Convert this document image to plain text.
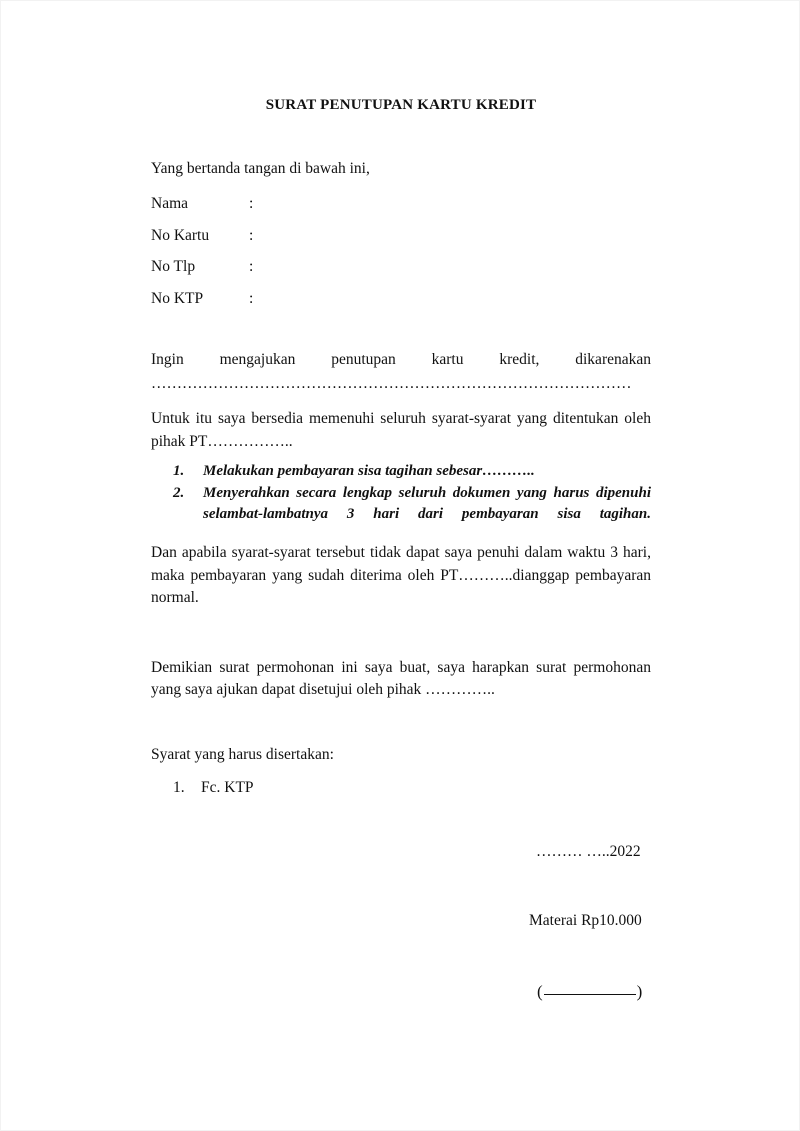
SURAT PENUTUPAN KARTU KREDIT

Yang bertanda tangan di bawah ini,

Nama	:
No Kartu	:
No Tlp	:
No KTP	:

Ingin mengajukan penutupan kartu kredit, dikarenakan

…………………………………………………………………………………

Untuk itu saya bersedia memenuhi seluruh syarat-syarat yang ditentukan oleh pihak PT……………..

1.	Melakukan pembayaran sisa tagihan sebesar………..
2.	Menyerahkan secara lengkap seluruh dokumen yang harus dipenuhi selambat-lambatnya 3 hari dari pembayaran sisa tagihan.

Dan apabila syarat-syarat tersebut tidak dapat saya penuhi dalam waktu 3 hari, maka pembayaran yang sudah diterima oleh PT………..dianggap pembayaran normal.

Demikian surat permohonan ini saya buat, saya harapkan surat permohonan yang saya ajukan dapat disetujui oleh pihak …………..

Syarat yang harus disertakan:

1.	Fc. KTP
……… …..2022
Materai Rp10.000
(	)
